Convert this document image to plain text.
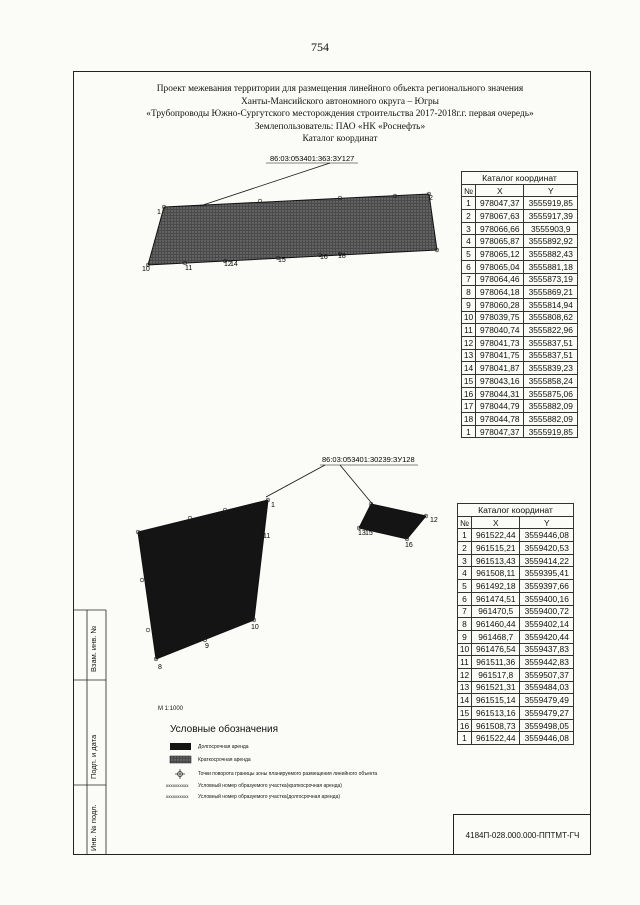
754
Проект межевания территории для размещения линейного объекта регионального значения
Ханты-Мансийского автономного округа – Югры
«Трубопроводы Южно-Сургутского месторождения строительства 2017-2018г.г. первая очередь»
Землепользователь: ПАО «НК «Роснефть»
Каталог координат
86:03:053401:363:ЗУ127
1
2
10	11
12
14
15	16 18
86:03:053401:30239:ЗУ128
1
11
10
9
8
12
13 15
16
Каталог координат		
№	X	Y
1	978047,37	3555919,85
2	978067,63	3555917,39
3	978066,66	3555903,9
4	978065,87	3555892,92
5	978065,12	3555882,43
6	978065,04	3555881,18
7	978064,46	3555873,19
8	978064,18	3555869,21
9	978060,28	3555814,94
10	978039,75	3555808,62
11	978040,74	3555822,96
12	978041,73	3555837,51
13	978041,75	3555837,51
14	978041,87	3555839,23
15	978043,16	3555858,24
16	978044,31	3555875,06
17	978044,79	3555882,09
18	978044,78	3555882,09
1	978047,37	3555919,85
Каталог координат		
№	X	Y
1	961522,44	3559446,08
2	961515,21	3559420,53
3	961513,43	3559414,22
4	961508,11	3559395,41
5	961492,18	3559397,66
6	961474,51	3559400,16
7	961470,5	3559400,72
8	961460,44	3559402,14
9	961468,7	3559420,44
10	961476,54	3559437,83
11	961511,36	3559442,83
12	961517,8	3559507,37
13	961521,31	3559484,03
14	961515,14	3559479,49
15	961513,16	3559479,27
16	961508,73	3559498,05
1	961522,44	3559446,08
М 1:1000
Условные обозначения
Долгосрочная аренда
Краткосрочная аренда
Точки поворота границы зоны планируемого размещения линейного объекта
хххххххххх Условный номер образуемого участка(краткосрочная аренда)
хххххххххх Условный номер образуемого участка(долгосрочная аренда)
Взам. инв. №
Подп. и дата
Инв. № подл.	4184П-028.000.000-ППТМТ-ГЧ
